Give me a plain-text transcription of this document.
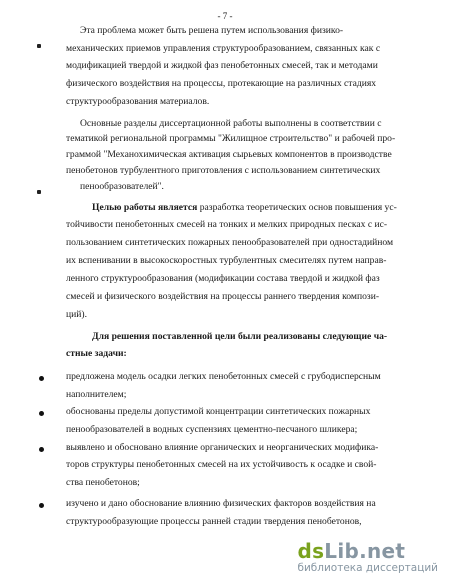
- 7 -
Эта проблема может быть решена путем использования физико-
механических приемов управления структурообразованием, связанных как с
модификацией твердой и жидкой фаз пенобетонных смесей, так и методами
физического воздействия на процессы, протекающие на различных стадиях
структурообразования материалов.
Основные разделы диссертационной работы выполнены в соответствии с
тематикой региональной программы "Жилищное строительство" и рабочей про-
граммой "Механохимическая активация сырьевых компонентов в производстве
пенобетонов турбулентного приготовления с использованием синтетических
пенообразователей".
Целью работы является разработка теоретических основ повышения ус-
тойчивости пенобетонных смесей на тонких и мелких природных песках с ис-
пользованием синтетических пожарных пенообразователей при одностадийном
их вспенивании в высокоскоростных турбулентных смесителях путем направ-
ленного структурообразования (модификации состава твердой и жидкой фаз
смесей и физического воздействия на процессы раннего твердения компози-
ций).
Для решения поставленной цели были реализованы следующие ча-
стные задачи:
предложена модель осадки легких пенобетонных смесей с грубодисперсным
наполнителем;
обоснованы пределы допустимой концентрации синтетических пожарных
пенообразователей в водных суспензиях цементно-песчаного шликера;
выявлено и обосновано влияние органических и неорганических модифика-
торов структуры пенобетонных смесей на их устойчивость к осадке и свой-
ства пенобетонов;
изучено и дано обоснование влиянию физических факторов воздействия на
структурообразующие процессы ранней стадии твердения пенобетонов,
dsLib.net
библиотека диссертаций
